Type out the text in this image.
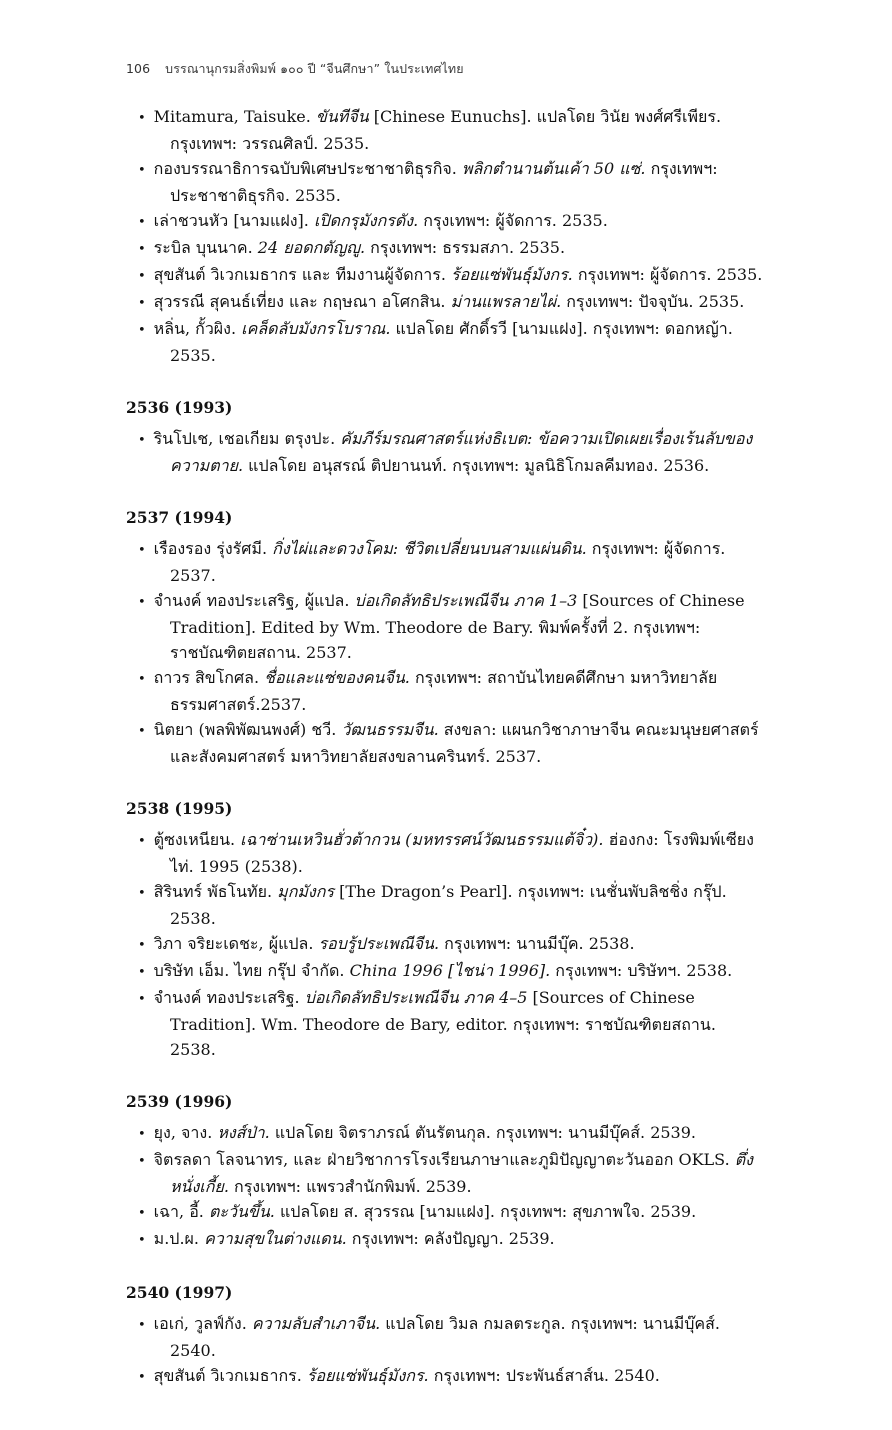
106 บรรณานุกรมสิ่งพิมพ์ ๑๐๐ ปี “จีนศึกษา” ในประเทศไทย
• Mitamura, Taisuke. ขันทีจีน [Chinese Eunuchs]. แปลโดย วินัย พงศ์ศรีเพียร. กรุงเทพฯ: วรรณศิลป์. 2535.
• กองบรรณาธิการฉบับพิเศษประชาชาติธุรกิจ. พลิกตำนานต้นเค้า 50 แซ่. กรุงเทพฯ: ประชาชาติธุรกิจ. 2535.
• เล่าชวนหัว [นามแฝง]. เปิดกรุมังกรดัง. กรุงเทพฯ: ผู้จัดการ. 2535.
• ระบิล บุนนาค. 24 ยอดกตัญญู. กรุงเทพฯ: ธรรมสภา. 2535.
• สุขสันต์ วิเวกเมธากร และ ทีมงานผู้จัดการ. ร้อยแซ่พันธุ์มังกร. กรุงเทพฯ: ผู้จัดการ. 2535.
• สุวรรณี สุคนธ์เที่ยง และ กฤษณา อโศกสิน. ม่านแพรลายไผ่. กรุงเทพฯ: ปัจจุบัน. 2535.
• หลิ่น, กั้วผิง. เคล็ดลับมังกรโบราณ. แปลโดย ศักดิ์รวี [นามแฝง]. กรุงเทพฯ: ดอกหญ้า. 2535.
2536 (1993)
• รินโปเช, เชอเกียม ตรุงปะ. คัมภีร์มรณศาสตร์แห่งธิเบต: ข้อความเปิดเผยเรื่องเร้นลับของความตาย. แปลโดย อนุสรณ์ ติปยานนท์. กรุงเทพฯ: มูลนิธิโกมลคีมทอง. 2536.
2537 (1994)
• เรืองรอง รุ่งรัศมี. กิ่งไผ่และดวงโคม: ชีวิตเปลี่ยนบนสามแผ่นดิน. กรุงเทพฯ: ผู้จัดการ. 2537.
• จำนงค์ ทองประเสริฐ, ผู้แปล. บ่อเกิดลัทธิประเพณีจีน ภาค 1–3 [Sources of Chinese Tradition]. Edited by Wm. Theodore de Bary. พิมพ์ครั้งที่ 2. กรุงเทพฯ: ราชบัณฑิตยสถาน. 2537.
• ถาวร สิขโกศล. ชื่อและแซ่ของคนจีน. กรุงเทพฯ: สถาบันไทยคดีศึกษา มหาวิทยาลัยธรรมศาสตร์.2537.
• นิตยา (พลพิพัฒนพงศ์) ชวี. วัฒนธรรมจีน. สงขลา: แผนกวิชาภาษาจีน คณะมนุษยศาสตร์และสังคมศาสตร์ มหาวิทยาลัยสงขลานครินทร์. 2537.
2538 (1995)
• ตู้ซงเหนียน. เฉาซ่านเหวินฮั่วต้ากวน (มหทรรศน์วัฒนธรรมแต้จิ๋ว). ฮ่องกง: โรงพิมพ์เซียงไท่. 1995 (2538).
• สิรินทร์ พัธโนทัย. มุกมังกร [The Dragon’s Pearl]. กรุงเทพฯ: เนชั่นพับลิชชิ่ง กรุ๊ป. 2538.
• วิภา จริยะเดชะ, ผู้แปล. รอบรู้ประเพณีจีน. กรุงเทพฯ: นานมีบุ๊ค. 2538.
• บริษัท เอ็ม. ไทย กรุ๊ป จำกัด. China 1996 [ไชน่า 1996]. กรุงเทพฯ: บริษัทฯ. 2538.
• จำนงค์ ทองประเสริฐ. บ่อเกิดลัทธิประเพณีจีน ภาค 4–5 [Sources of Chinese Tradition]. Wm. Theodore de Bary, editor. กรุงเทพฯ: ราชบัณฑิตยสถาน. 2538.
2539 (1996)
• ยุง, จาง. หงส์ป่า. แปลโดย จิตราภรณ์ ตันรัตนกุล. กรุงเทพฯ: นานมีบุ๊คส์. 2539.
• จิตรลดา โลจนาทร, และ ฝ่ายวิชาการโรงเรียนภาษาและภูมิปัญญาตะวันออก OKLS. ตึ่งหนั่งเกี้ย. กรุงเทพฯ: แพรวสำนักพิมพ์. 2539.
• เฉา, อี้. ตะวันขึ้น. แปลโดย ส. สุวรรณ [นามแฝง]. กรุงเทพฯ: สุขภาพใจ. 2539.
• ม.ป.ผ. ความสุขในต่างแดน. กรุงเทพฯ: คลังปัญญา. 2539.
2540 (1997)
• เอเก่, วูลฟ์กัง. ความลับสำเภาจีน. แปลโดย วิมล กมลตระกูล. กรุงเทพฯ: นานมีบุ๊คส์. 2540.
• สุขสันต์ วิเวกเมธากร. ร้อยแซ่พันธุ์มังกร. กรุงเทพฯ: ประพันธ์สาส์น. 2540.
